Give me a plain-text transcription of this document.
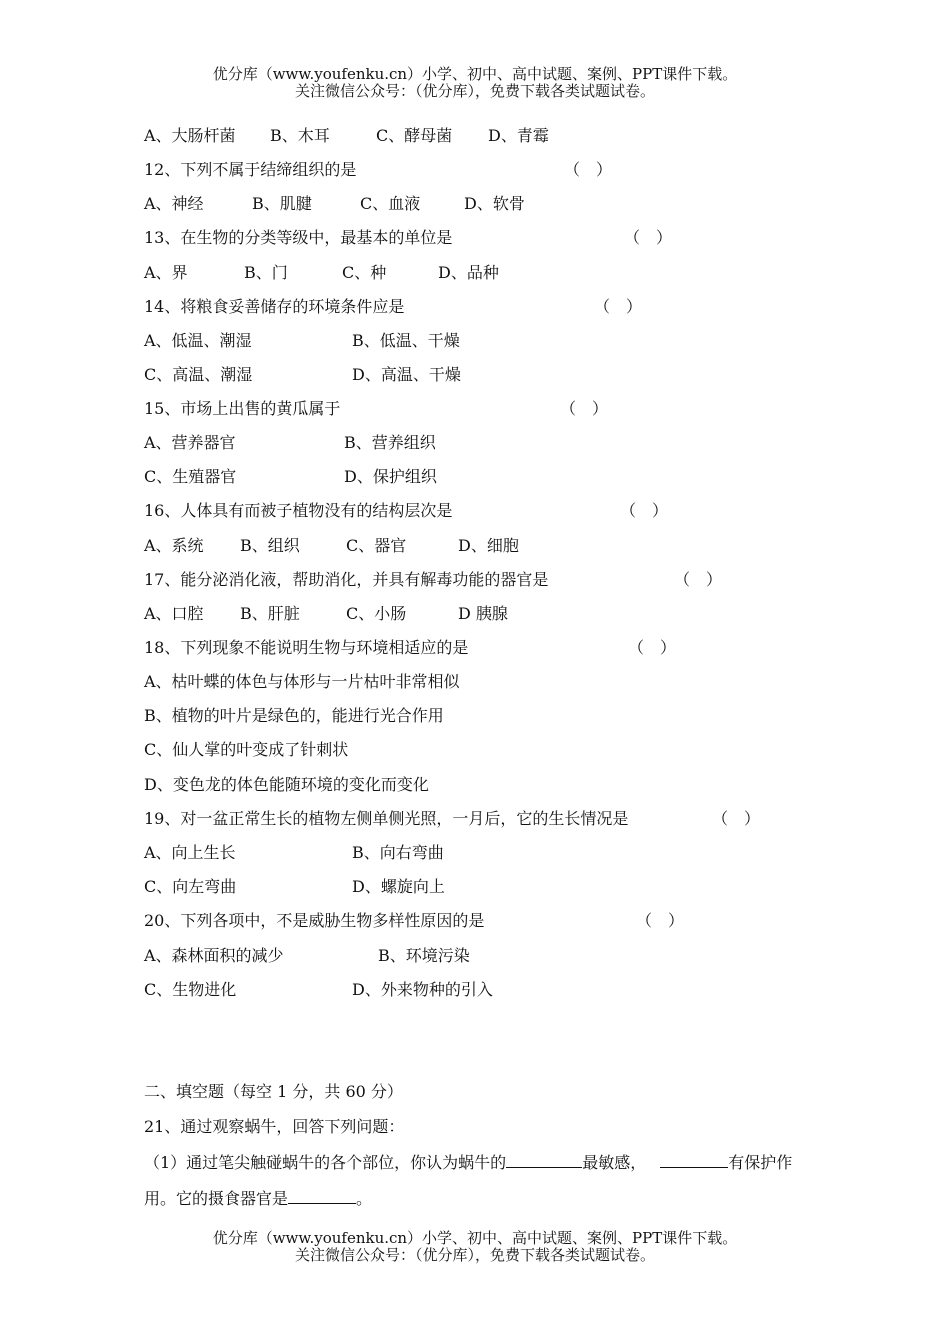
优分库（www.youfenku.cn）小学、初中、高中试题、案例、PPT课件下载。
关注微信公众号：（优分库），免费下载各类试题试卷。
A、大肠杆菌 B、木耳	C、酵母菌 D、青霉
12、下列不属于结缔组织的是	（　）
A、神经	B、肌腱	C、血液	D、软骨
13、在生物的分类等级中，最基本的单位是	（　）
A、界	B、门	C、种	D、品种
14、将粮食妥善储存的环境条件应是	（　）
A、低温、潮湿	B、低温、干燥
C、高温、潮湿	D、高温、干燥
15、市场上出售的黄瓜属于	（　）
A、营养器官	B、营养组织
C、生殖器官	D、保护组织
16、人体具有而被子植物没有的结构层次是	（　）
A、系统 B、组织	C、器官	D、细胞
17、能分泌消化液，帮助消化，并具有解毒功能的器官是	（　）
A、口腔 B、肝脏	C、小肠	D 胰腺
18、下列现象不能说明生物与环境相适应的是	（　）
A、枯叶蝶的体色与体形与一片枯叶非常相似
B、植物的叶片是绿色的，能进行光合作用
C、仙人掌的叶变成了针刺状
D、变色龙的体色能随环境的变化而变化
19、对一盆正常生长的植物左侧单侧光照，一月后，它的生长情况是	（　）
A、向上生长	B、向右弯曲
C、向左弯曲	D、螺旋向上
20、下列各项中，不是威胁生物多样性原因的是	（　）
A、森林面积的减少	B、环境污染
C、生物进化	D、外来物种的引入
二、填空题（每空 1 分，共 60 分）
21、通过观察蜗牛，回答下列问题：
（1）通过笔尖触碰蜗牛的各个部位，你认为蜗牛的	最敏感，	有保护作
用。它的摄食器官是	。
优分库（www.youfenku.cn）小学、初中、高中试题、案例、PPT课件下载。
关注微信公众号：（优分库），免费下载各类试题试卷。
